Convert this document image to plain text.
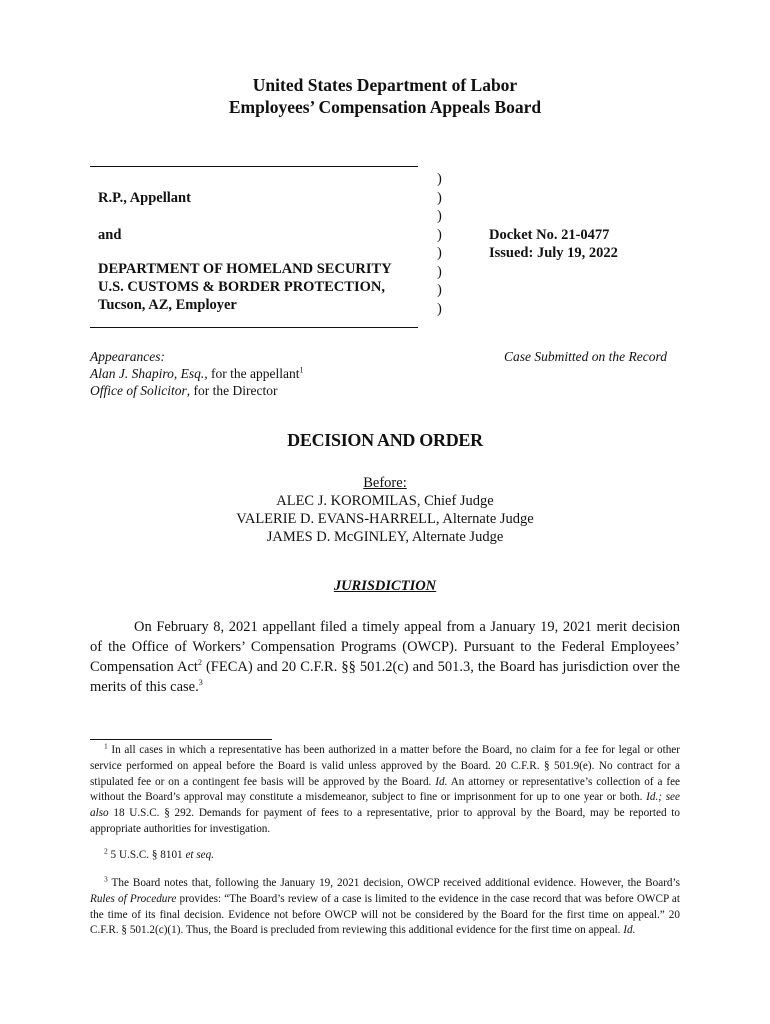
United States Department of Labor
Employees’ Compensation Appeals Board
R.P., Appellant
and
DEPARTMENT OF HOMELAND SECURITY
U.S. CUSTOMS & BORDER PROTECTION,
Tucson, AZ, Employer
)
)
)
)
)
)
)
)
Docket No. 21-0477
Issued: July 19, 2022
Appearances:
Alan J. Shapiro, Esq., for the appellant$^1$
Office of Solicitor, for the Director
Case Submitted on the Record
DECISION AND ORDER
Before:
ALEC J. KOROMILAS, Chief Judge
VALERIE D. EVANS-HARRELL, Alternate Judge
JAMES D. McGINLEY, Alternate Judge
JURISDICTION
On February 8, 2021 appellant filed a timely appeal from a January 19, 2021 merit decision of the Office of Workers’ Compensation Programs (OWCP). Pursuant to the Federal Employees’ Compensation Act$^2$ (FECA) and 20 C.F.R. §§ 501.2(c) and 501.3, the Board has jurisdiction over the merits of this case.$^3$
$^1$ In all cases in which a representative has been authorized in a matter before the Board, no claim for a fee for legal or other service performed on appeal before the Board is valid unless approved by the Board. 20 C.F.R. § 501.9(e). No contract for a stipulated fee or on a contingent fee basis will be approved by the Board. Id. An attorney or representative’s collection of a fee without the Board’s approval may constitute a misdemeanor, subject to fine or imprisonment for up to one year or both. Id.; see also 18 U.S.C. § 292. Demands for payment of fees to a representative, prior to approval by the Board, may be reported to appropriate authorities for investigation.
$^2$ 5 U.S.C. § 8101 et seq.
$^3$ The Board notes that, following the January 19, 2021 decision, OWCP received additional evidence. However, the Board’s Rules of Procedure provides: “The Board’s review of a case is limited to the evidence in the case record that was before OWCP at the time of its final decision. Evidence not before OWCP will not be considered by the Board for the first time on appeal.” 20 C.F.R. § 501.2(c)(1). Thus, the Board is precluded from reviewing this additional evidence for the first time on appeal. Id.
